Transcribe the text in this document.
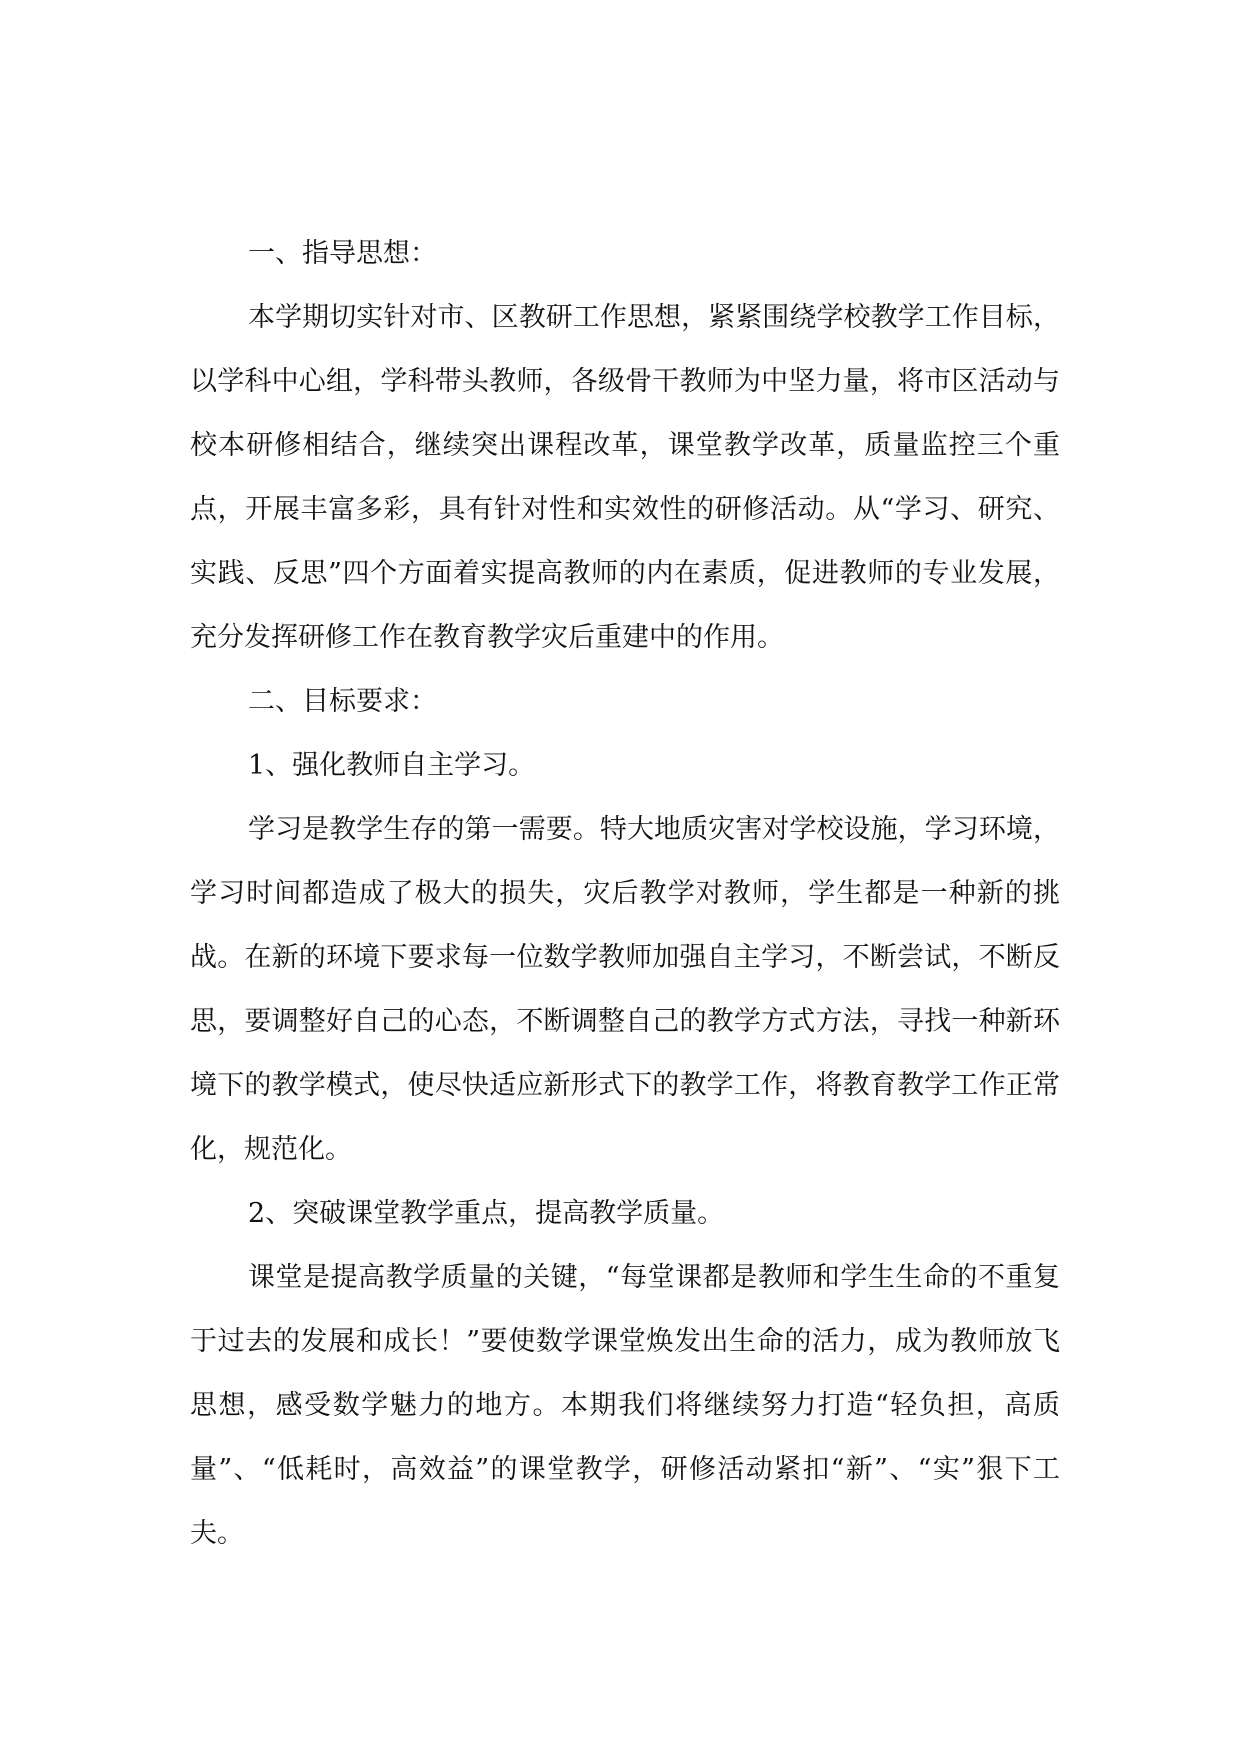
一、指导思想：

本学期切实针对市、区教研工作思想，紧紧围绕学校教学工作目标，以学科中心组，学科带头教师，各级骨干教师为中坚力量，将市区活动与校本研修相结合，继续突出课程改革，课堂教学改革，质量监控三个重点，开展丰富多彩，具有针对性和实效性的研修活动。从“学习、研究、实践、反思”四个方面着实提高教师的内在素质，促进教师的专业发展，充分发挥研修工作在教育教学灾后重建中的作用。

二、目标要求：

1、强化教师自主学习。

学习是教学生存的第一需要。特大地质灾害对学校设施，学习环境，学习时间都造成了极大的损失，灾后教学对教师，学生都是一种新的挑战。在新的环境下要求每一位数学教师加强自主学习，不断尝试，不断反思，要调整好自己的心态，不断调整自己的教学方式方法，寻找一种新环境下的教学模式，使尽快适应新形式下的教学工作，将教育教学工作正常化，规范化。

2、突破课堂教学重点，提高教学质量。

课堂是提高教学质量的关键，“每堂课都是教师和学生生命的不重复于过去的发展和成长！”要使数学课堂焕发出生命的活力，成为教师放飞思想，感受数学魅力的地方。本期我们将继续努力打造“轻负担，高质量”、“低耗时，高效益”的课堂教学，研修活动紧扣“新”、“实”狠下工夫。
